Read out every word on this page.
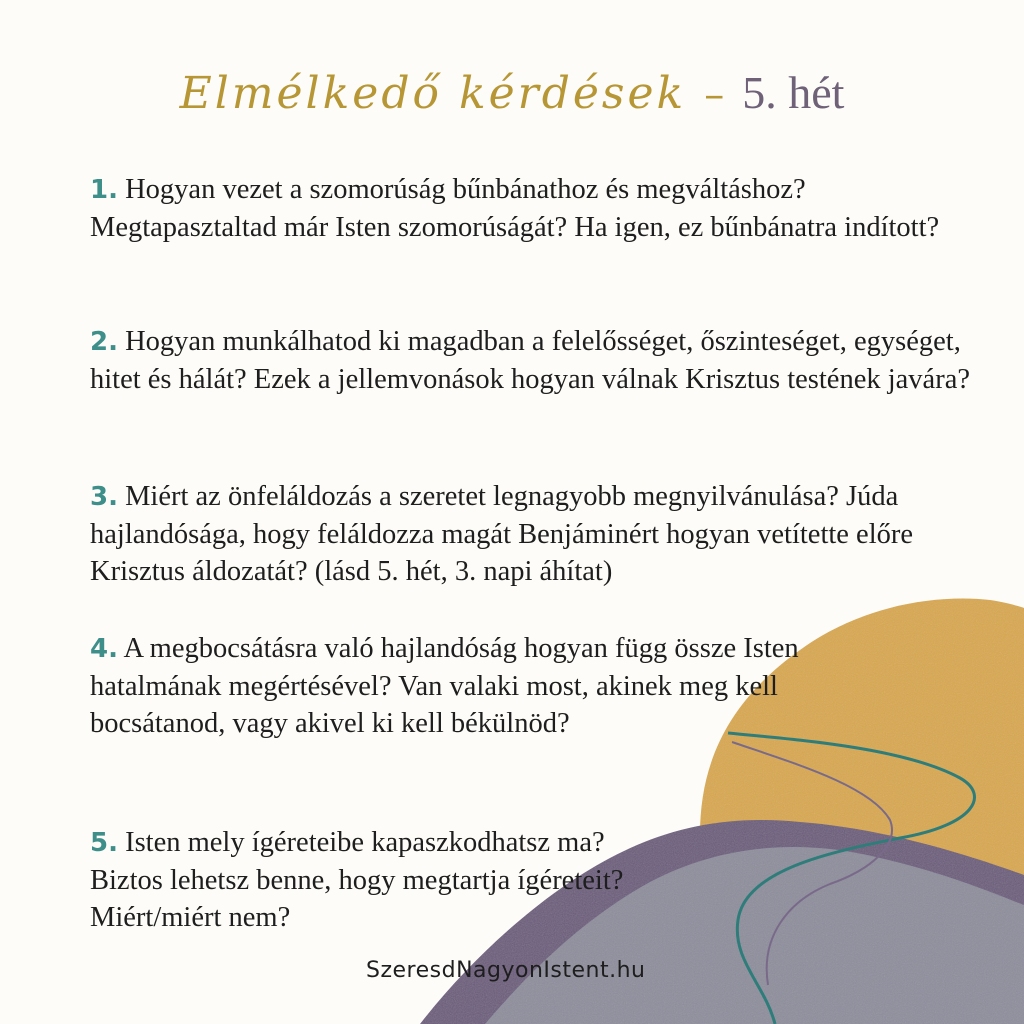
Elmélkedő kérdések – 5. hét

1. Hogyan vezet a szomorúság bűnbánathoz és megváltáshoz? Megtapasztaltad már Isten szomorúságát? Ha igen, ez bűnbánatra indított?

2. Hogyan munkálhatod ki magadban a felelősséget, őszinteséget, egységet, hitet és hálát? Ezek a jellemvonások hogyan válnak Krisztus testének javára?

3. Miért az önfeláldozás a szeretet legnagyobb megnyilvánulása? Júda hajlandósága, hogy feláldozza magát Benjáminért hogyan vetítette előre Krisztus áldozatát? (lásd 5. hét, 3. napi áhítat)

4. A megbocsátásra való hajlandóság hogyan függ össze Isten hatalmának megértésével? Van valaki most, akinek meg kell bocsátanod, vagy akivel ki kell békülnöd?

5. Isten mely ígéreteibe kapaszkodhatsz ma? Biztos lehetsz benne, hogy megtartja ígéreteit? Miért/miért nem?

SzeresdNagyonIstent.hu
